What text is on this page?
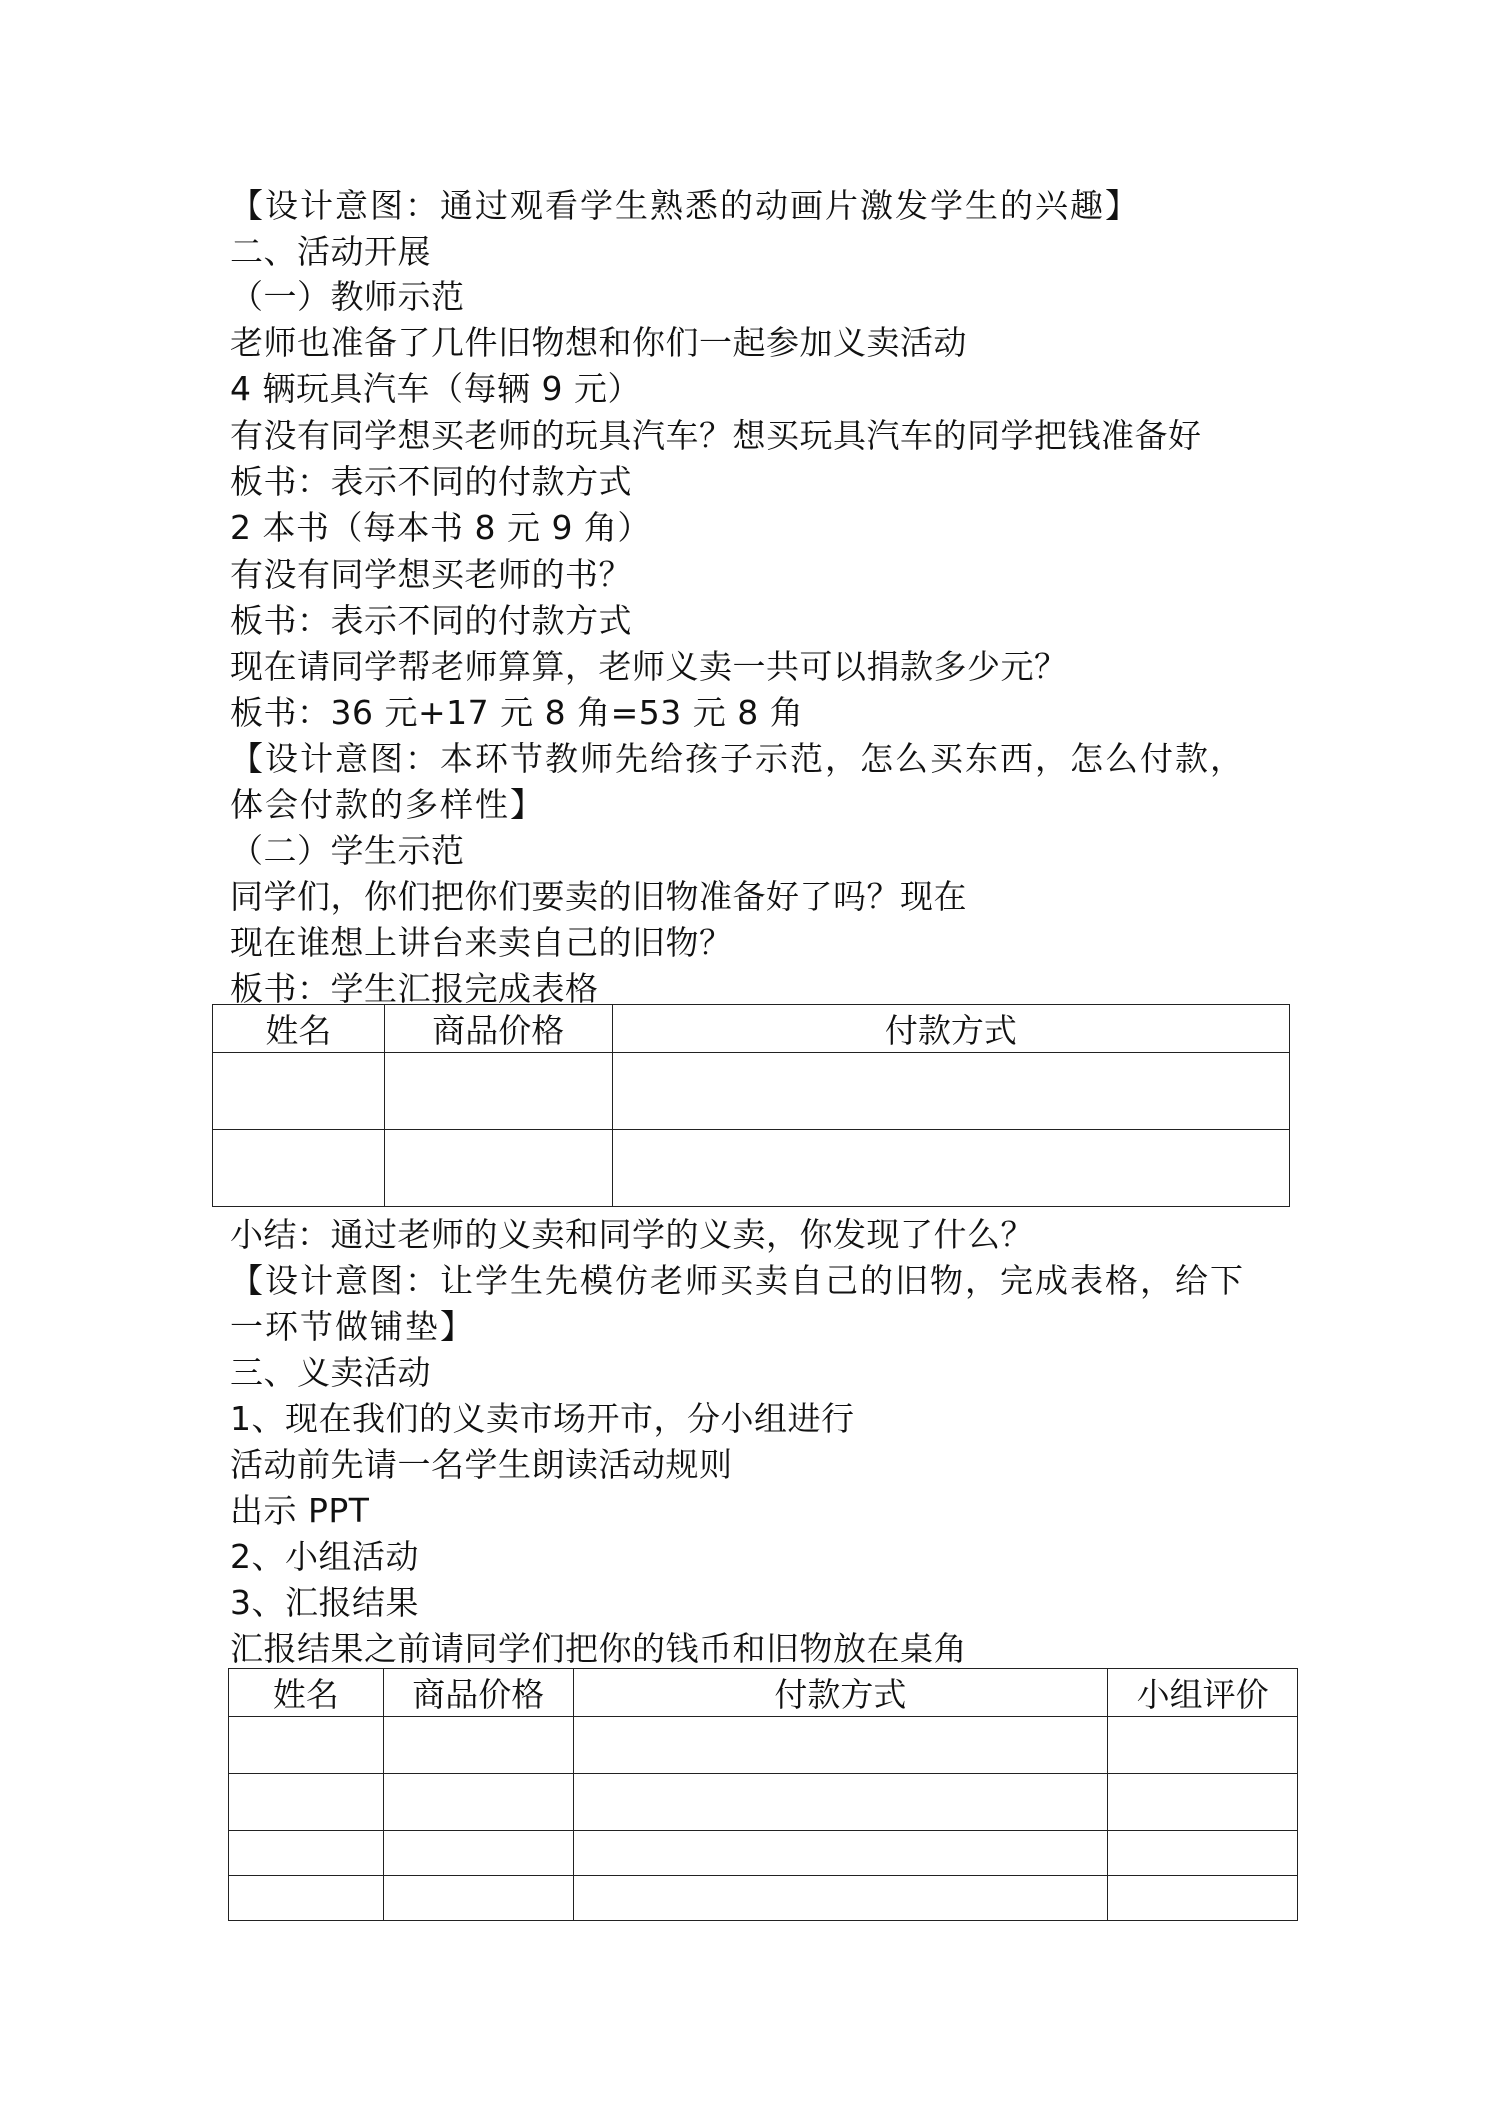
【设计意图：通过观看学生熟悉的动画片激发学生的兴趣】
二、活动开展
（一）教师示范
老师也准备了几件旧物想和你们一起参加义卖活动
4 辆玩具汽车（每辆 9 元）
有没有同学想买老师的玩具汽车？想买玩具汽车的同学把钱准备好
板书：表示不同的付款方式
2 本书（每本书 8 元 9 角）
有没有同学想买老师的书？
板书：表示不同的付款方式
现在请同学帮老师算算，老师义卖一共可以捐款多少元？
板书：36 元+17 元 8 角=53 元 8 角
【设计意图：本环节教师先给孩子示范，怎么买东西，怎么付款，体会付款的多样性】
（二）学生示范
同学们，你们把你们要卖的旧物准备好了吗？现在
现在谁想上讲台来卖自己的旧物？
板书：学生汇报完成表格
姓名	商品价格	付款方式

小结：通过老师的义卖和同学的义卖，你发现了什么？
【设计意图：让学生先模仿老师买卖自己的旧物，完成表格，给下一环节做铺垫】
三、义卖活动
1、现在我们的义卖市场开市，分小组进行
活动前先请一名学生朗读活动规则
出示 PPT
2、小组活动
3、汇报结果
汇报结果之前请同学们把你的钱币和旧物放在桌角
姓名	商品价格	付款方式	小组评价
